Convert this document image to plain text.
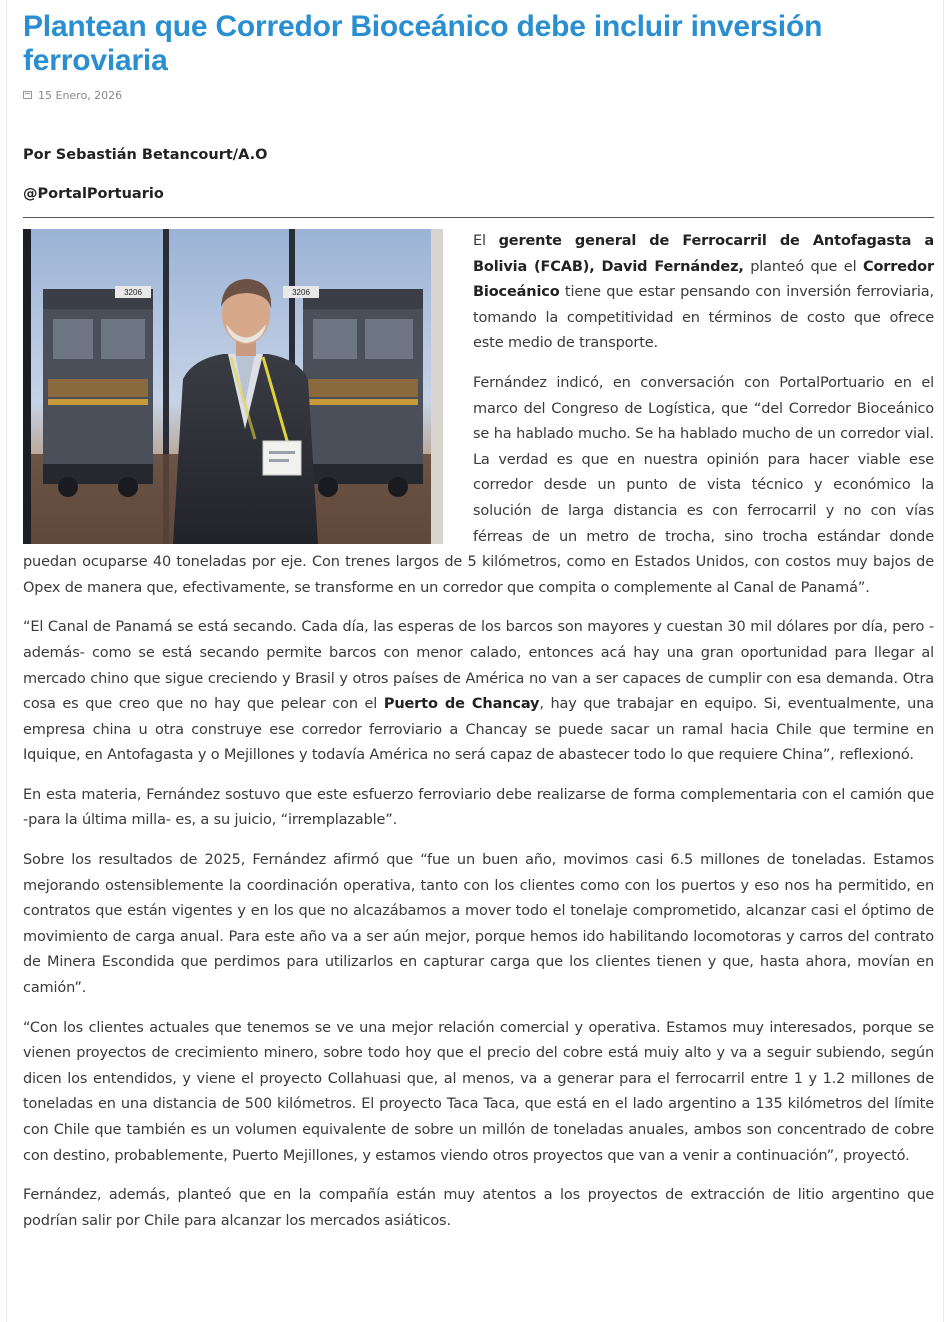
Plantean que Corredor Bioceánico debe incluir inversión ferroviaria
15 Enero, 2026
Por Sebastián Betancourt/A.O
@PortalPortuario
3206	3206

El gerente general de Ferrocarril de Antofagasta a Bolivia (FCAB), David Fernández, planteó que el Corredor Bioceánico tiene que estar pensando con inversión ferroviaria, tomando la competitividad en términos de costo que ofrece este medio de transporte.

Fernández indicó, en conversación con PortalPortuario en el marco del Congreso de Logística, que “del Corredor Bioceánico se ha hablado mucho. Se ha hablado mucho de un corredor vial. La verdad es que en nuestra opinión para hacer viable ese corredor desde un punto de vista técnico y económico la solución de larga distancia es con ferrocarril y no con vías férreas de un metro de trocha, sino trocha estándar donde puedan ocuparse 40 toneladas por eje. Con trenes largos de 5 kilómetros, como en Estados Unidos, con costos muy bajos de Opex de manera que, efectivamente, se transforme en un corredor que compita o complemente al Canal de Panamá”.

“El Canal de Panamá se está secando. Cada día, las esperas de los barcos son mayores y cuestan 30 mil dólares por día, pero -además- como se está secando permite barcos con menor calado, entonces acá hay una gran oportunidad para llegar al mercado chino que sigue creciendo y Brasil y otros países de América no van a ser capaces de cumplir con esa demanda. Otra cosa es que creo que no hay que pelear con el Puerto de Chancay, hay que trabajar en equipo. Si, eventualmente, una empresa china u otra construye ese corredor ferroviario a Chancay se puede sacar un ramal hacia Chile que termine en Iquique, en Antofagasta y o Mejillones y todavía América no será capaz de abastecer todo lo que requiere China”, reflexionó.

En esta materia, Fernández sostuvo que este esfuerzo ferroviario debe realizarse de forma complementaria con el camión que -para la última milla- es, a su juicio, “irremplazable”.

Sobre los resultados de 2025, Fernández afirmó que “fue un buen año, movimos casi 6.5 millones de toneladas. Estamos mejorando ostensiblemente la coordinación operativa, tanto con los clientes como con los puertos y eso nos ha permitido, en contratos que están vigentes y en los que no alcazábamos a mover todo el tonelaje comprometido, alcanzar casi el óptimo de movimiento de carga anual. Para este año va a ser aún mejor, porque hemos ido habilitando locomotoras y carros del contrato de Minera Escondida que perdimos para utilizarlos en capturar carga que los clientes tienen y que, hasta ahora, movían en camión”.

“Con los clientes actuales que tenemos se ve una mejor relación comercial y operativa. Estamos muy interesados, porque se vienen proyectos de crecimiento minero, sobre todo hoy que el precio del cobre está muiy alto y va a seguir subiendo, según dicen los entendidos, y viene el proyecto Collahuasi que, al menos, va a generar para el ferrocarril entre 1 y 1.2 millones de toneladas en una distancia de 500 kilómetros. El proyecto Taca Taca, que está en el lado argentino a 135 kilómetros del límite con Chile que también es un volumen equivalente de sobre un millón de toneladas anuales, ambos son concentrado de cobre con destino, probablemente, Puerto Mejillones, y estamos viendo otros proyectos que van a venir a continuación”, proyectó.

Fernández, además, planteó que en la compañía están muy atentos a los proyectos de extracción de litio argentino que podrían salir por Chile para alcanzar los mercados asiáticos.
